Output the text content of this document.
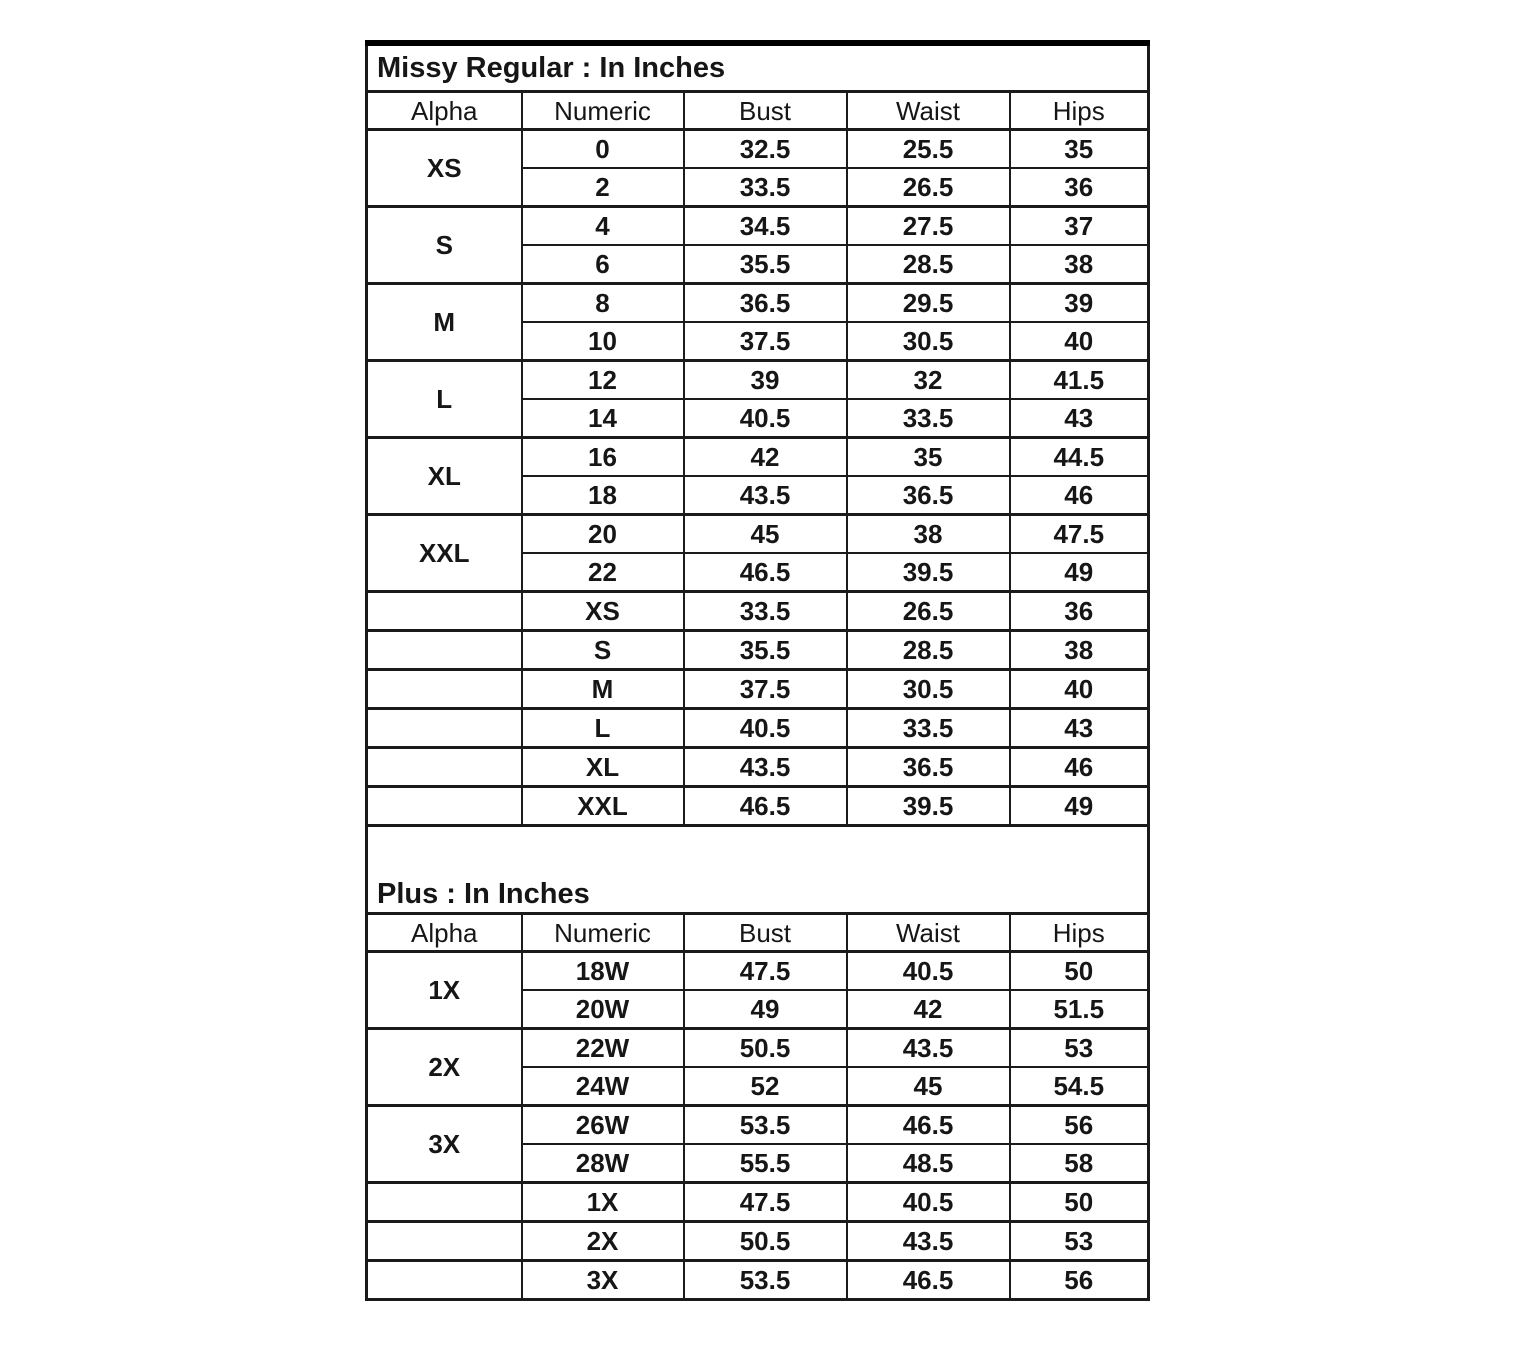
Missy Regular : In Inches				
Alpha	Numeric	Bust	Waist	Hips
XS	0	32.5	25.5	35
	2	33.5	26.5	36
S	4	34.5	27.5	37
	6	35.5	28.5	38
M	8	36.5	29.5	39
	10	37.5	30.5	40
L	12	39	32	41.5
	14	40.5	33.5	43
XL	16	42	35	44.5
	18	43.5	36.5	46
XXL	20	45	38	47.5
	22	46.5	39.5	49
	XS	33.5	26.5	36
	S	35.5	28.5	38
	M	37.5	30.5	40
	L	40.5	33.5	43
	XL	43.5	36.5	46
	XXL	46.5	39.5	49
Plus : In Inches				
Alpha	Numeric	Bust	Waist	Hips
1X	18W	47.5	40.5	50
	20W	49	42	51.5
2X	22W	50.5	43.5	53
	24W	52	45	54.5
3X	26W	53.5	46.5	56
	28W	55.5	48.5	58
	1X	47.5	40.5	50
	2X	50.5	43.5	53
	3X	53.5	46.5	56
